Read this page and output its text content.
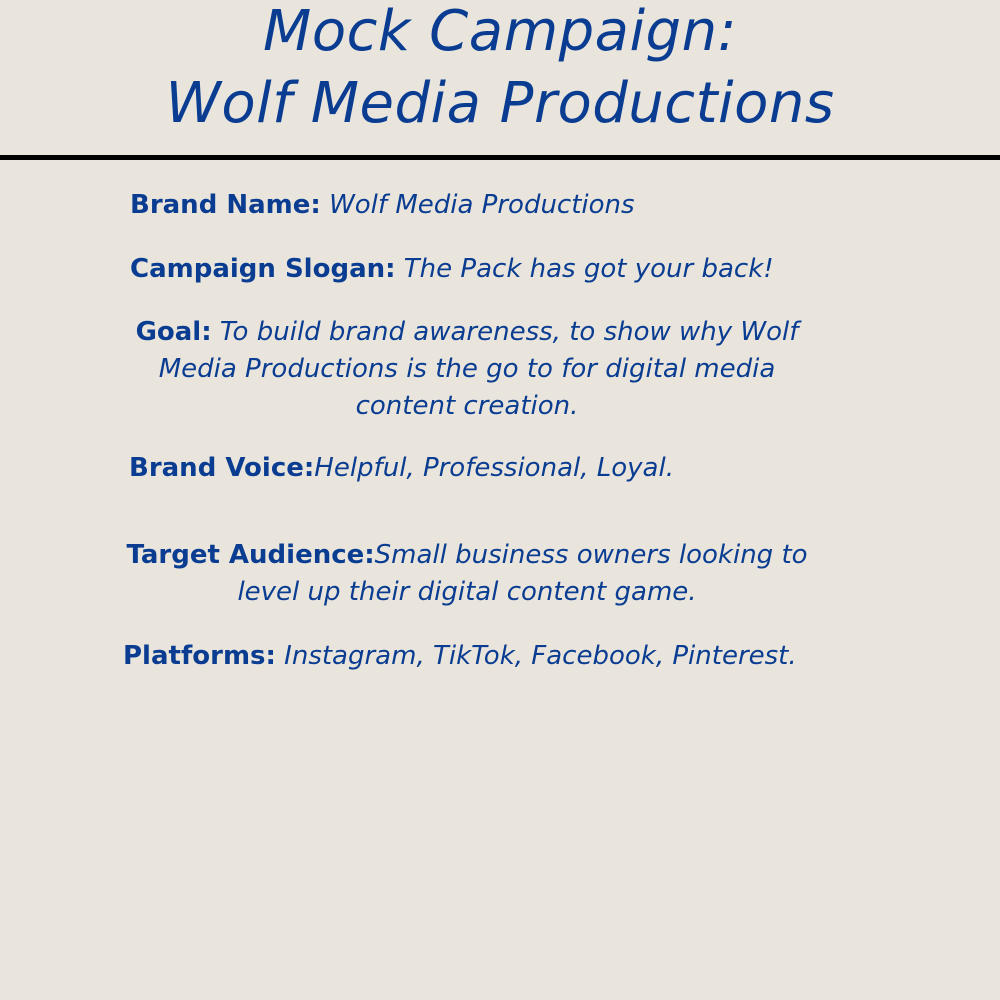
Mock Campaign:
Wolf Media Productions

Brand Name: Wolf Media Productions

Campaign Slogan: The Pack has got your back!

Goal: To build brand awareness, to show why Wolf Media Productions is the go to for digital media content creation.

Brand Voice:Helpful, Professional, Loyal.

Target Audience:Small business owners looking to level up their digital content game.

Platforms: Instagram, TikTok, Facebook, Pinterest.
